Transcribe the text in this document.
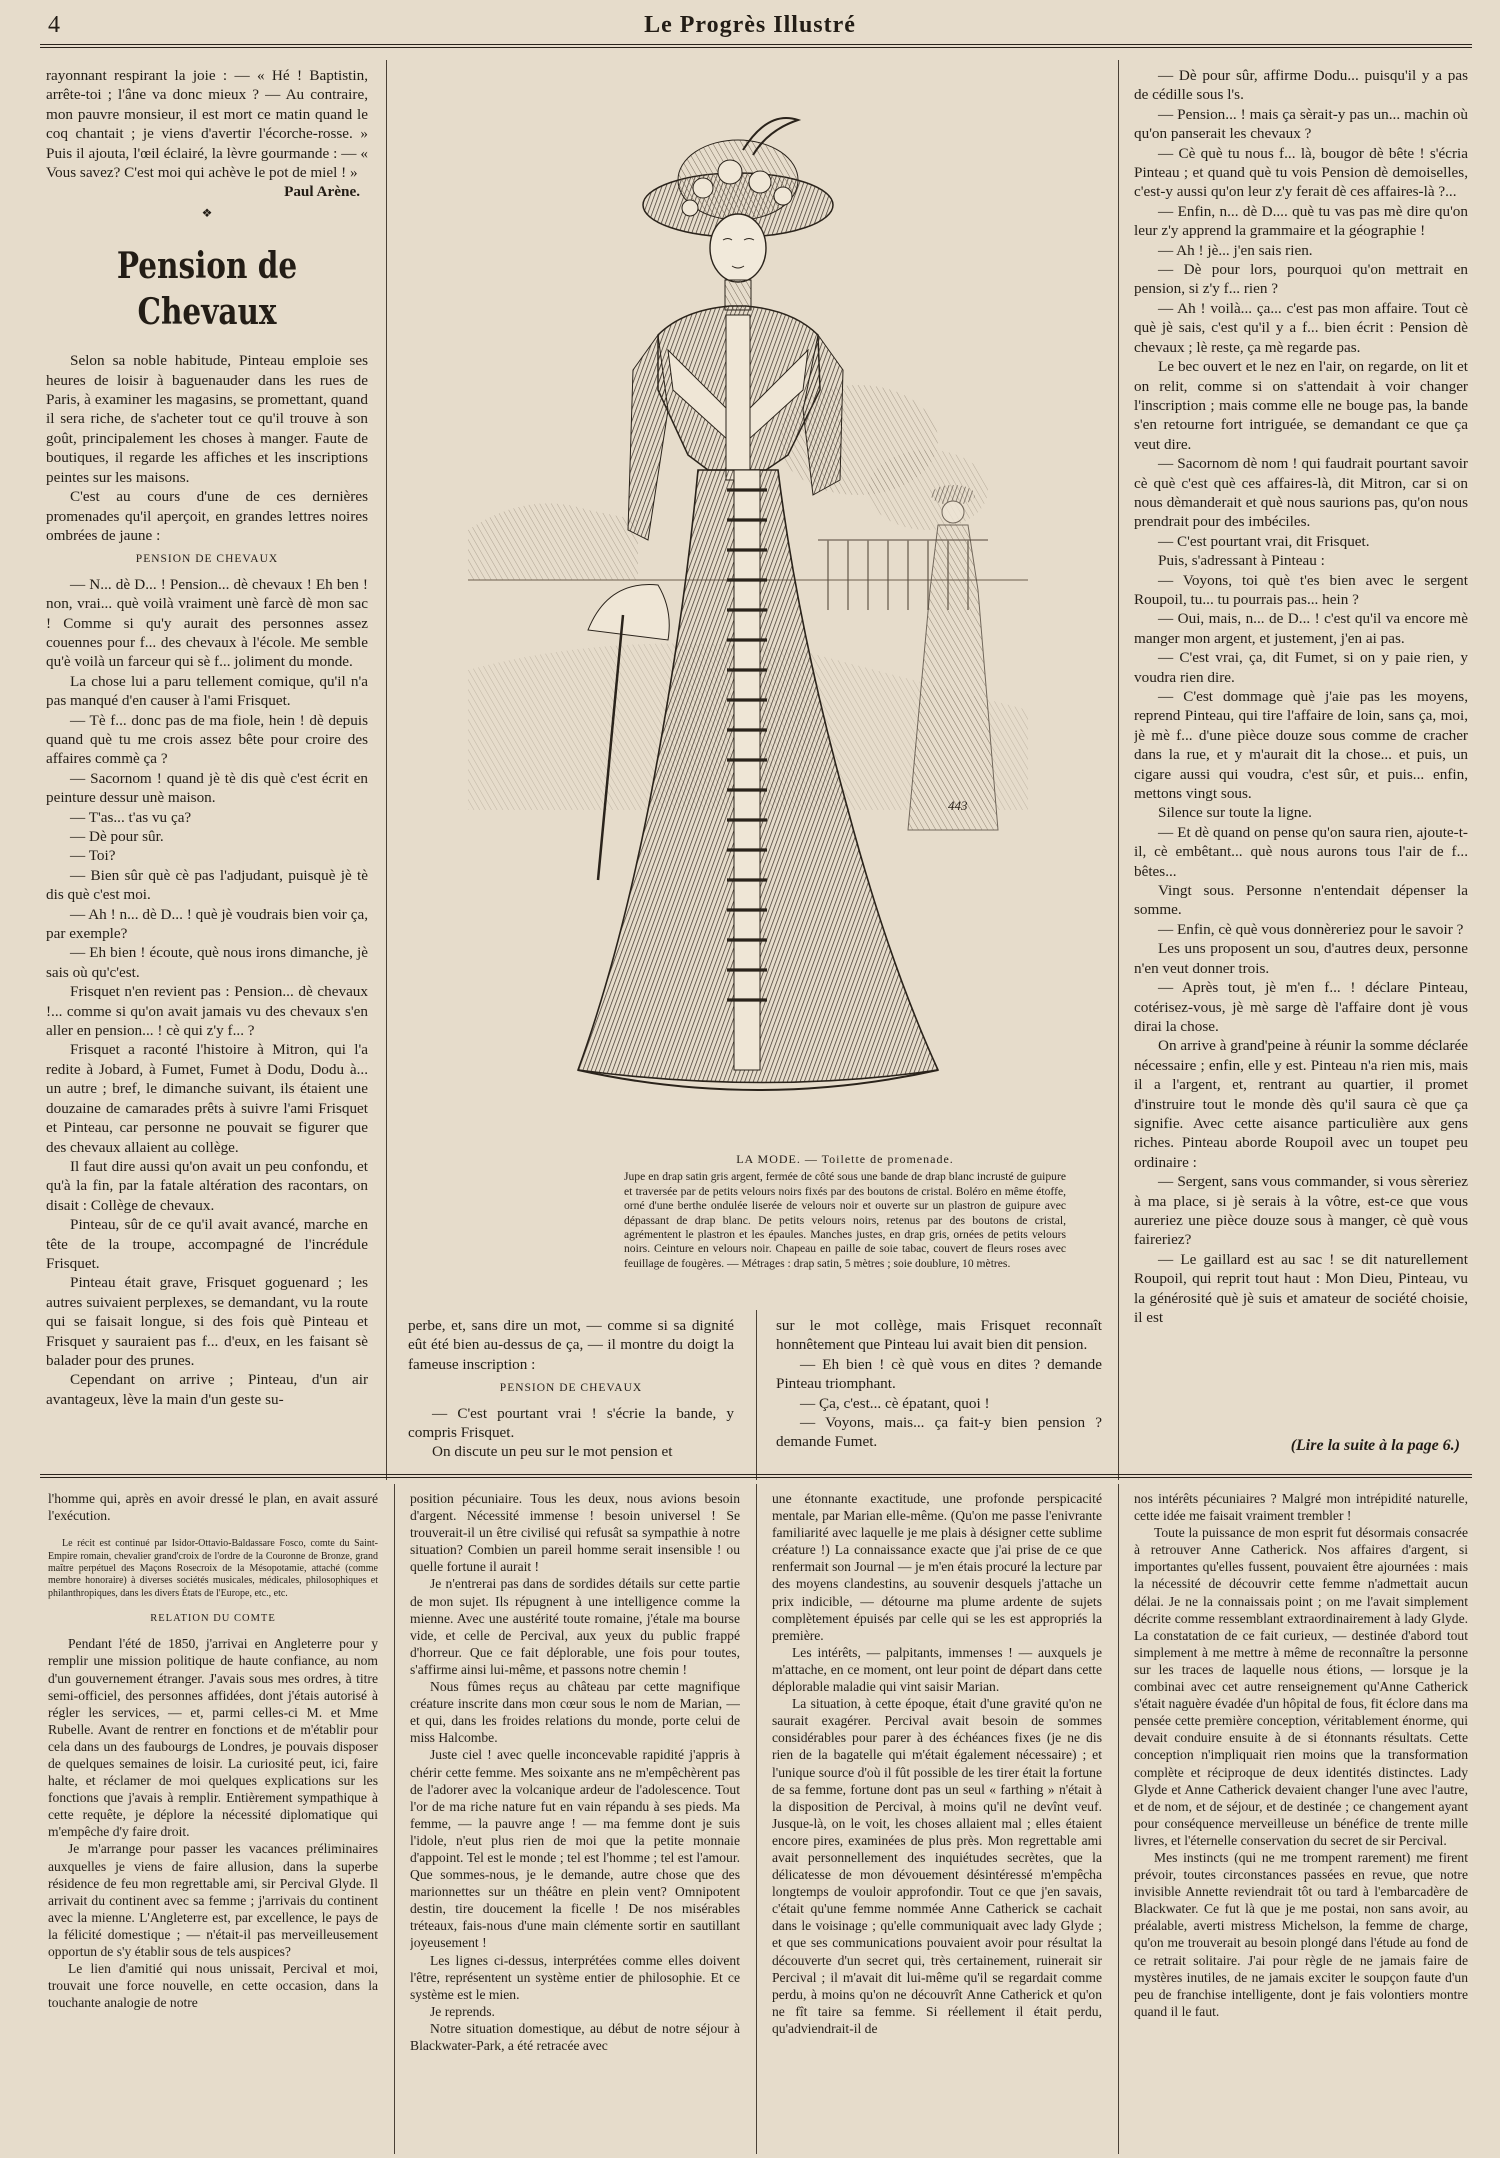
4	Le Progrès Illustré

rayonnant respirant la joie : — « Hé ! Baptistin, arrête-toi ; l'âne va donc mieux ? — Au contraire, mon pauvre monsieur, il est mort ce matin quand le coq chantait ; je viens d'avertir l'écorche-rosse. » Puis il ajouta, l'œil éclairé, la lèvre gourmande : — « Vous savez? C'est moi qui achève le pot de miel ! »

Paul Arène.
❖
Pension de Chevaux

Selon sa noble habitude, Pinteau emploie ses heures de loisir à baguenauder dans les rues de Paris, à examiner les magasins, se promettant, quand il sera riche, de s'acheter tout ce qu'il trouve à son goût, principalement les choses à manger. Faute de boutiques, il regarde les affiches et les inscriptions peintes sur les maisons.

C'est au cours d'une de ces dernières promenades qu'il aperçoit, en grandes lettres noires ombrées de jaune :

PENSION DE CHEVAUX

— N... dè D... ! Pension... dè chevaux ! Eh ben ! non, vrai... què voilà vraiment unè farcè dè mon sac ! Comme si qu'y aurait des personnes assez couennes pour f... des chevaux à l'école. Me semble qu'è voilà un farceur qui sè f... joliment du monde.

La chose lui a paru tellement comique, qu'il n'a pas manqué d'en causer à l'ami Frisquet.

— Tè f... donc pas de ma fiole, hein ! dè depuis quand què tu me crois assez bête pour croire des affaires commè ça ?

— Sacornom ! quand jè tè dis què c'est écrit en peinture dessur unè maison.

— T'as... t'as vu ça?

— Dè pour sûr.

— Toi?

— Bien sûr què cè pas l'adjudant, puisquè jè tè dis què c'est moi.

— Ah ! n... dè D... ! què jè voudrais bien voir ça, par exemple?

— Eh bien ! écoute, què nous irons dimanche, jè sais où qu'c'est.

Frisquet n'en revient pas : Pension... dè chevaux !... comme si qu'on avait jamais vu des chevaux s'en aller en pension... ! cè qui z'y f... ?

Frisquet a raconté l'histoire à Mitron, qui l'a redite à Jobard, à Fumet, Fumet à Dodu, Dodu à... un autre ; bref, le dimanche suivant, ils étaient une douzaine de camarades prêts à suivre l'ami Frisquet et Pinteau, car personne ne pouvait se figurer que des chevaux allaient au collège.

Il faut dire aussi qu'on avait un peu confondu, et qu'à la fin, par la fatale altération des racontars, on disait : Collège de chevaux.

Pinteau, sûr de ce qu'il avait avancé, marche en tête de la troupe, accompagné de l'incrédule Frisquet.

Pinteau était grave, Frisquet goguenard ; les autres suivaient perplexes, se demandant, vu la route qui se faisait longue, si des fois què Pinteau et Frisquet y sauraient pas f... d'eux, en les faisant sè balader pour des prunes.

Cependant on arrive ; Pinteau, d'un air avantageux, lève la main d'un geste su-

443
LA MODE. — Toilette de promenade.
Jupe en drap satin gris argent, fermée de côté sous une bande de drap blanc incrusté de guipure et traversée par de petits velours noirs fixés par des boutons de cristal. Boléro en même étoffe, orné d'une berthe ondulée liserée de velours noir et ouverte sur un plastron de guipure avec dépassant de drap blanc. De petits velours noirs, retenus par des boutons de cristal, agrémentent le plastron et les épaules. Manches justes, en drap gris, ornées de petits velours noirs. Ceinture en velours noir. Chapeau en paille de soie tabac, couvert de fleurs roses avec feuillage de fougères. — Métrages : drap satin, 5 mètres ; soie doublure, 10 mètres.

perbe, et, sans dire un mot, — comme si sa dignité eût été bien au-dessus de ça, — il montre du doigt la fameuse inscription :

PENSION DE CHEVAUX

— C'est pourtant vrai ! s'écrie la bande, y compris Frisquet.

On discute un peu sur le mot pension et

sur le mot collège, mais Frisquet reconnaît honnêtement que Pinteau lui avait bien dit pension.

— Eh bien ! cè què vous en dites ? demande Pinteau triomphant.

— Ça, c'est... cè épatant, quoi !

— Voyons, mais... ça fait-y bien pension ? demande Fumet.

— Dè pour sûr, affirme Dodu... puisqu'il y a pas de cédille sous l's.

— Pension... ! mais ça sèrait-y pas un... machin où qu'on panserait les chevaux ?

— Cè què tu nous f... là, bougor dè bête ! s'écria Pinteau ; et quand què tu vois Pension dè demoiselles, c'est-y aussi qu'on leur z'y ferait dè ces affaires-là ?...

— Enfin, n... dè D.... què tu vas pas mè dire qu'on leur z'y apprend la grammaire et la géographie !

— Ah ! jè... j'en sais rien.

— Dè pour lors, pourquoi qu'on mettrait en pension, si z'y f... rien ?

— Ah ! voilà... ça... c'est pas mon affaire. Tout cè què jè sais, c'est qu'il y a f... bien écrit : Pension dè chevaux ; lè reste, ça mè regarde pas.

Le bec ouvert et le nez en l'air, on regarde, on lit et on relit, comme si on s'attendait à voir changer l'inscription ; mais comme elle ne bouge pas, la bande s'en retourne fort intriguée, se demandant ce que ça veut dire.

— Sacornom dè nom ! qui faudrait pourtant savoir cè què c'est què ces affaires-là, dit Mitron, car si on nous dèmanderait et què nous saurions pas, qu'on nous prendrait pour des imbéciles.

— C'est pourtant vrai, dit Frisquet.

Puis, s'adressant à Pinteau :

— Voyons, toi què t'es bien avec le sergent Roupoil, tu... tu pourrais pas... hein ?

— Oui, mais, n... de D... ! c'est qu'il va encore mè manger mon argent, et justement, j'en ai pas.

— C'est vrai, ça, dit Fumet, si on y paie rien, y voudra rien dire.

— C'est dommage què j'aie pas les moyens, reprend Pinteau, qui tire l'affaire de loin, sans ça, moi, jè mè f... d'une pièce douze sous comme de cracher dans la rue, et y m'aurait dit la chose... et puis, un cigare aussi qui voudra, c'est sûr, et puis... enfin, mettons vingt sous.

Silence sur toute la ligne.

— Et dè quand on pense qu'on saura rien, ajoute-t-il, cè embêtant... què nous aurons tous l'air de f... bêtes...

Vingt sous. Personne n'entendait dépenser la somme.

— Enfin, cè què vous donnèreriez pour le savoir ?

Les uns proposent un sou, d'autres deux, personne n'en veut donner trois.

— Après tout, jè m'en f... ! déclare Pinteau, cotérisez-vous, jè mè sarge dè l'affaire dont jè vous dirai la chose.

On arrive à grand'peine à réunir la somme déclarée nécessaire ; enfin, elle y est. Pinteau n'a rien mis, mais il a l'argent, et, rentrant au quartier, il promet d'instruire tout le monde dès qu'il saura cè que ça signifie. Avec cette aisance particulière aux gens riches. Pinteau aborde Roupoil avec un toupet peu ordinaire :

— Sergent, sans vous commander, si vous sèreriez à ma place, si jè serais à la vôtre, est-ce que vous aureriez une pièce douze sous à manger, cè què vous faireriez?

— Le gaillard est au sac ! se dit naturellement Roupoil, qui reprit tout haut : Mon Dieu, Pinteau, vu la générosité què jè suis et amateur de société choisie, il est

(Lire la suite à la page 6.)

l'homme qui, après en avoir dressé le plan, en avait assuré l'exécution.

Le récit est continué par Isidor-Ottavio-Baldassare Fosco, comte du Saint-Empire romain, chevalier grand'croix de l'ordre de la Couronne de Bronze, grand maître perpétuel des Maçons Rosecroix de la Mésopotamie, attaché (comme membre honoraire) à diverses sociétés musicales, médicales, philosophiques et philanthropiques, dans les divers États de l'Europe, etc., etc.

RELATION DU COMTE

Pendant l'été de 1850, j'arrivai en Angleterre pour y remplir une mission politique de haute confiance, au nom d'un gouvernement étranger. J'avais sous mes ordres, à titre semi-officiel, des personnes affidées, dont j'étais autorisé à régler les services, — et, parmi celles-ci M. et Mme Rubelle. Avant de rentrer en fonctions et de m'établir pour cela dans un des faubourgs de Londres, je pouvais disposer de quelques semaines de loisir. La curiosité peut, ici, faire halte, et réclamer de moi quelques explications sur les fonctions que j'avais à remplir. Entièrement sympathique à cette requête, je déplore la nécessité diplomatique qui m'empêche d'y faire droit.

Je m'arrange pour passer les vacances préliminaires auxquelles je viens de faire allusion, dans la superbe résidence de feu mon regrettable ami, sir Percival Glyde. Il arrivait du continent avec sa femme ; j'arrivais du continent avec la mienne. L'Angleterre est, par excellence, le pays de la félicité domestique ; — n'était-il pas merveilleusement opportun de s'y établir sous de tels auspices?

Le lien d'amitié qui nous unissait, Percival et moi, trouvait une force nouvelle, en cette occasion, dans la touchante analogie de notre

position pécuniaire. Tous les deux, nous avions besoin d'argent. Nécessité immense ! besoin universel ! Se trouverait-il un être civilisé qui refusât sa sympathie à notre situation? Combien un pareil homme serait insensible ! ou quelle fortune il aurait !

Je n'entrerai pas dans de sordides détails sur cette partie de mon sujet. Ils répugnent à une intelligence comme la mienne. Avec une austérité toute romaine, j'étale ma bourse vide, et celle de Percival, aux yeux du public frappé d'horreur. Que ce fait déplorable, une fois pour toutes, s'affirme ainsi lui-même, et passons notre chemin !

Nous fûmes reçus au château par cette magnifique créature inscrite dans mon cœur sous le nom de Marian, — et qui, dans les froides relations du monde, porte celui de miss Halcombe.

Juste ciel ! avec quelle inconcevable rapidité j'appris à chérir cette femme. Mes soixante ans ne m'empêchèrent pas de l'adorer avec la volcanique ardeur de l'adolescence. Tout l'or de ma riche nature fut en vain répandu à ses pieds. Ma femme, — la pauvre ange ! — ma femme dont je suis l'idole, n'eut plus rien de moi que la petite monnaie d'appoint. Tel est le monde ; tel est l'homme ; tel est l'amour. Que sommes-nous, je le demande, autre chose que des marionnettes sur un théâtre en plein vent? Omnipotent destin, tire doucement la ficelle ! De nos misérables tréteaux, fais-nous d'une main clémente sortir en sautillant joyeusement !

Les lignes ci-dessus, interprétées comme elles doivent l'être, représentent un système entier de philosophie. Et ce système est le mien.

Je reprends.

Notre situation domestique, au début de notre séjour à Blackwater-Park, a été retracée avec

une étonnante exactitude, une profonde perspicacité mentale, par Marian elle-même. (Qu'on me passe l'enivrante familiarité avec laquelle je me plais à désigner cette sublime créature !) La connaissance exacte que j'ai prise de ce que renfermait son Journal — je m'en étais procuré la lecture par des moyens clandestins, au souvenir desquels j'attache un prix indicible, — détourne ma plume ardente de sujets complètement épuisés par celle qui se les est appropriés la première.

Les intérêts, — palpitants, immenses ! — auxquels je m'attache, en ce moment, ont leur point de départ dans cette déplorable maladie qui vint saisir Marian.

La situation, à cette époque, était d'une gravité qu'on ne saurait exagérer. Percival avait besoin de sommes considérables pour parer à des échéances fixes (je ne dis rien de la bagatelle qui m'était également nécessaire) ; et l'unique source d'où il fût possible de les tirer était la fortune de sa femme, fortune dont pas un seul « farthing » n'était à la disposition de Percival, à moins qu'il ne devînt veuf. Jusque-là, on le voit, les choses allaient mal ; elles étaient encore pires, examinées de plus près. Mon regrettable ami avait personnellement des inquiétudes secrètes, que la délicatesse de mon dévouement désintéressé m'empêcha longtemps de vouloir approfondir. Tout ce que j'en savais, c'était qu'une femme nommée Anne Catherick se cachait dans le voisinage ; qu'elle communiquait avec lady Glyde ; et que ses communications pouvaient avoir pour résultat la découverte d'un secret qui, très certainement, ruinerait sir Percival ; il m'avait dit lui-même qu'il se regardait comme perdu, à moins qu'on ne découvrît Anne Catherick et qu'on ne fît taire sa femme. Si réellement il était perdu, qu'adviendrait-il de

nos intérêts pécuniaires ? Malgré mon intrépidité naturelle, cette idée me faisait vraiment trembler !

Toute la puissance de mon esprit fut désormais consacrée à retrouver Anne Catherick. Nos affaires d'argent, si importantes qu'elles fussent, pouvaient être ajournées : mais la nécessité de découvrir cette femme n'admettait aucun délai. Je ne la connaissais point ; on me l'avait simplement décrite comme ressemblant extraordinairement à lady Glyde. La constatation de ce fait curieux, — destinée d'abord tout simplement à me mettre à même de reconnaître la personne sur les traces de laquelle nous étions, — lorsque je la combinai avec cet autre renseignement qu'Anne Catherick s'était naguère évadée d'un hôpital de fous, fit éclore dans ma pensée cette première conception, véritablement énorme, qui devait conduire ensuite à de si étonnants résultats. Cette conception n'impliquait rien moins que la transformation complète et réciproque de deux identités distinctes. Lady Glyde et Anne Catherick devaient changer l'une avec l'autre, et de nom, et de séjour, et de destinée ; ce changement ayant pour conséquence merveilleuse un bénéfice de trente mille livres, et l'éternelle conservation du secret de sir Percival.

Mes instincts (qui ne me trompent rarement) me firent prévoir, toutes circonstances passées en revue, que notre invisible Annette reviendrait tôt ou tard à l'embarcadère de Blackwater. Ce fut là que je me postai, non sans avoir, au préalable, averti mistress Michelson, la femme de charge, qu'on me trouverait au besoin plongé dans l'étude au fond de ce retrait solitaire. J'ai pour règle de ne jamais faire de mystères inutiles, de ne jamais exciter le soupçon faute d'un peu de franchise intelligente, dont je fais volontiers montre quand il le faut.
